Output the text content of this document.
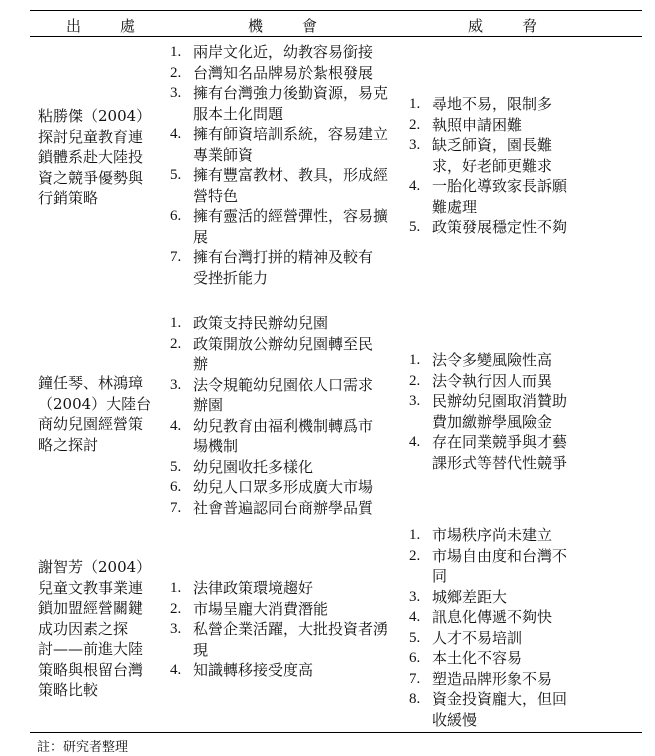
出　處	機　會	威　脅
粘勝傑（2004）
探討兒童教育連
鎖體系赴大陸投
資之競爭優勢與
行銷策略
1. 兩岸文化近，幼教容易銜接
2. 台灣知名品牌易於紮根發展
3. 擁有台灣強力後勤資源，易克
服本土化問題
4. 擁有師資培訓系統，容易建立
專業師資
5. 擁有豐富教材、教具，形成經
營特色
6. 擁有靈活的經營彈性，容易擴
展
7. 擁有台灣打拼的精神及較有
受挫折能力
1. 尋地不易，限制多
2. 執照申請困難
3. 缺乏師資，園長難
求，好老師更難求
4. 一胎化導致家長訴願
難處理
5. 政策發展穩定性不夠
鐘任琴、林鴻璋
（2004）大陸台
商幼兒園經營策
略之探討
1. 政策支持民辦幼兒園
2. 政策開放公辦幼兒園轉至民
辦
3. 法令規範幼兒園依人口需求
辦園
4. 幼兒教育由福利機制轉爲市
場機制
5. 幼兒園收托多樣化
6. 幼兒人口眾多形成廣大市場
7. 社會普遍認同台商辦學品質
1. 法令多變風險性高
2. 法令執行因人而異
3. 民辦幼兒園取消贊助
費加繳辦學風險金
4. 存在同業競爭與才藝
課形式等替代性競爭
謝智芳（2004）
兒童文教事業連
鎖加盟經營關鍵
成功因素之探
討——前進大陸
策略與根留台灣
策略比較
1. 法律政策環境趨好
2. 市場呈龐大消費潛能
3. 私營企業活躍，大批投資者湧
現
4. 知識轉移接受度高
1. 市場秩序尚未建立
2. 市場自由度和台灣不
同
3. 城鄉差距大
4. 訊息化傳遞不夠快
5. 人才不易培訓
6. 本土化不容易
7. 塑造品牌形象不易
8. 資金投資龐大，但回
收緩慢
註：研究者整理
